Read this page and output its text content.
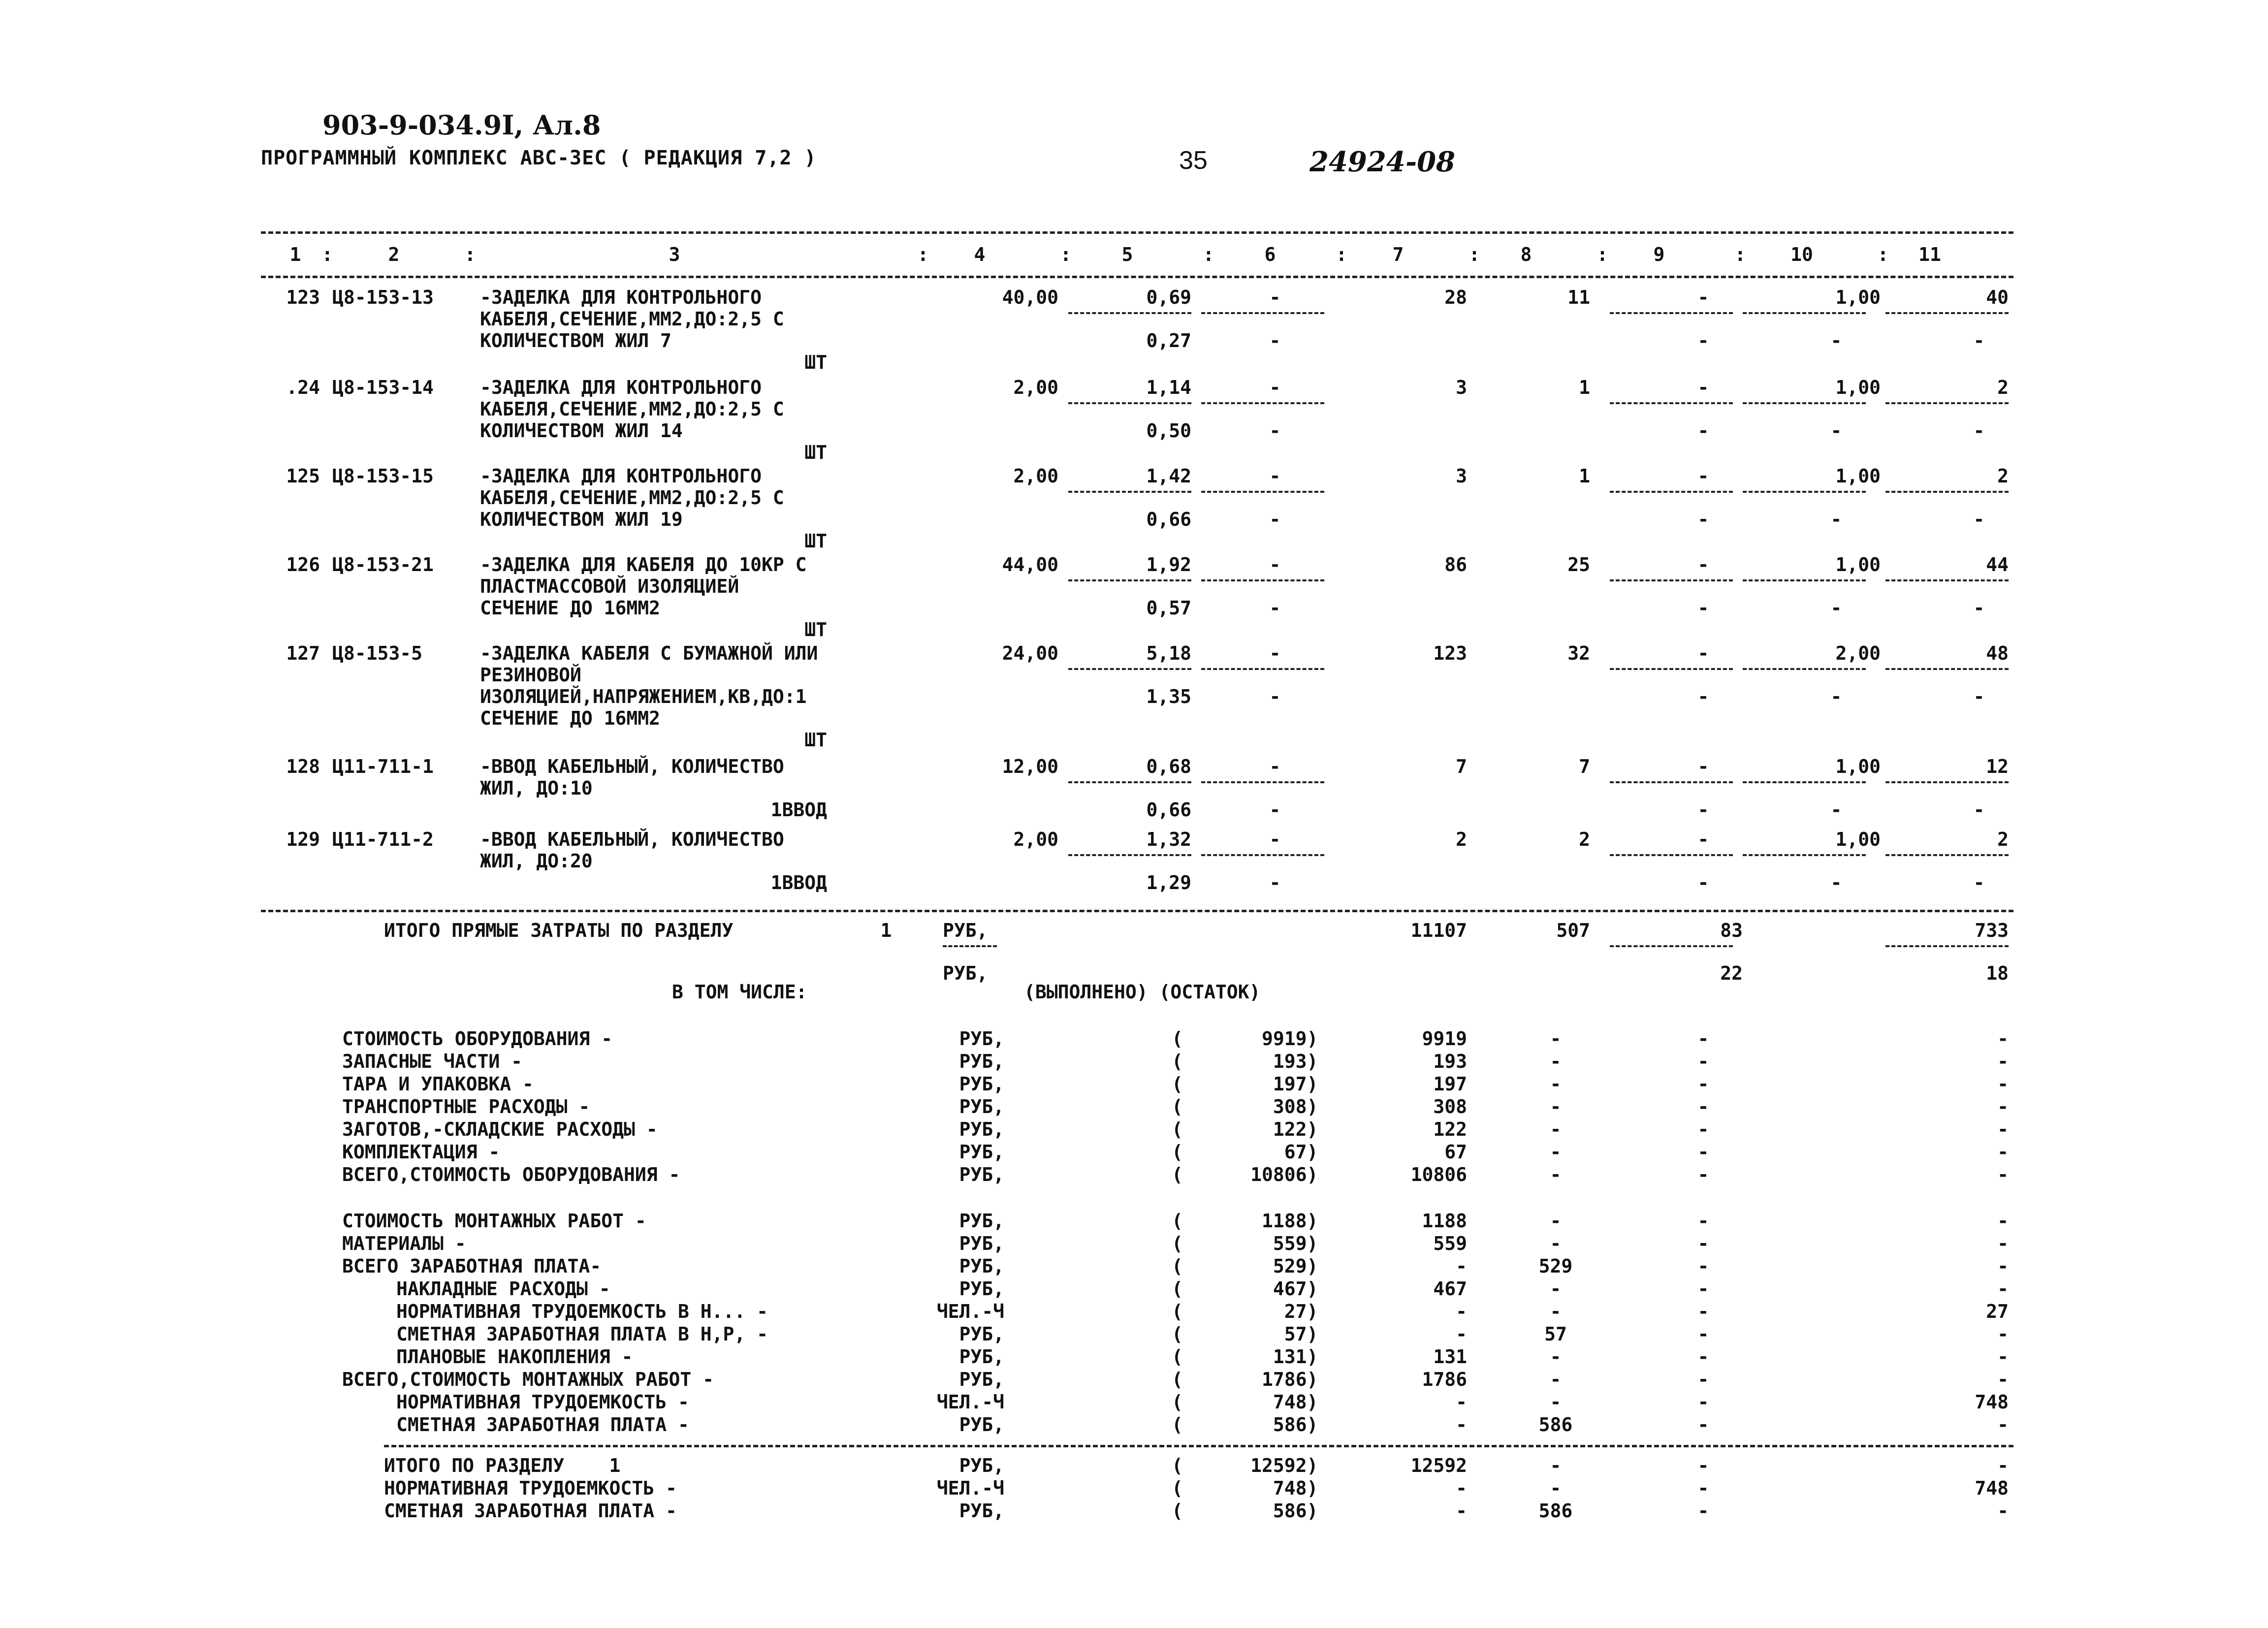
903-9-034.9I, Ал.8
ПРОГРАММНЫЙ КОМПЛЕКС АВС-ЗЕС ( РЕДАКЦИЯ 7,2 )	35	24924-08
1	2	3	4	5	6	7	8	9	10	11
:	:	:	:	:	:	:	:	:	:
123 Ц8-153-13	-ЗАДЕЛКА ДЛЯ КОНТРОЛЬНОГО
КАБЕЛЯ,СЕЧЕНИЕ,ММ2,ДО:2,5 С
КОЛИЧЕСТВОМ ЖИЛ 7
ШТ
40,00	0,69	-	28	11	-	1,00	40
0,27	-	-	-	-
.24 Ц8-153-14	-ЗАДЕЛКА ДЛЯ КОНТРОЛЬНОГО
КАБЕЛЯ,СЕЧЕНИЕ,ММ2,ДО:2,5 С
КОЛИЧЕСТВОМ ЖИЛ 14
ШТ
2,00	1,14	-	3	1	-	1,00	2
0,50	-	-	-	-
125 Ц8-153-15	-ЗАДЕЛКА ДЛЯ КОНТРОЛЬНОГО
КАБЕЛЯ,СЕЧЕНИЕ,ММ2,ДО:2,5 С
КОЛИЧЕСТВОМ ЖИЛ 19
ШТ
2,00	1,42	-	3	1	-	1,00	2
0,66	-	-	-	-
126 Ц8-153-21	-ЗАДЕЛКА ДЛЯ КАБЕЛЯ ДО 10КР С
ПЛАСТМАССОВОЙ ИЗОЛЯЦИЕЙ
СЕЧЕНИЕ ДО 16ММ2
ШТ
44,00	1,92	-	86	25	-	1,00	44
0,57	-	-	-	-
127 Ц8-153-5	-ЗАДЕЛКА КАБЕЛЯ С БУМАЖНОЙ ИЛИ
РЕЗИНОВОЙ
ИЗОЛЯЦИЕЙ,НАПРЯЖЕНИЕМ,КВ,ДО:1
СЕЧЕНИЕ ДО 16ММ2
ШТ
24,00	5,18	-	123	32	-	2,00	48
1,35	-	-	-	-
128 Ц11-711-1	-ВВОД КАБЕЛЬНЫЙ, КОЛИЧЕСТВО
ЖИЛ, ДО:10
1ВВОД
12,00	0,68	-	7	7	-	1,00	12
0,66	-	-	-	-
129 Ц11-711-2	-ВВОД КАБЕЛЬНЫЙ, КОЛИЧЕСТВО
ЖИЛ, ДО:20
1ВВОД
2,00	1,32	-	2	2	-	1,00	2
1,29	-	-	-	-
ИТОГО ПРЯМЫЕ ЗАТРАТЫ ПО РАЗДЕЛУ	1	РУБ,	11107	507	83	733
РУБ,	22	18
В ТОМ ЧИСЛЕ:	(ВЫПОЛНЕНО) (ОСТАТОК)
СТОИМОСТЬ ОБОРУДОВАНИЯ -	РУБ,	(       9919)	9919	-	-	-
ЗАПАСНЫЕ ЧАСТИ -	РУБ,	(        193)	193	-	-	-
ТАРА И УПАКОВКА -	РУБ,	(        197)	197	-	-	-
ТРАНСПОРТНЫЕ РАСХОДЫ -	РУБ,	(        308)	308	-	-	-
ЗАГОТОВ,-СКЛАДСКИЕ РАСХОДЫ -	РУБ,	(        122)	122	-	-	-
КОМПЛЕКТАЦИЯ -	РУБ,	(         67)	67	-	-	-
ВСЕГО,СТОИМОСТЬ ОБОРУДОВАНИЯ -	РУБ,	(      10806)	10806	-	-	-
СТОИМОСТЬ МОНТАЖНЫХ РАБОТ -	РУБ,	(       1188)	1188	-	-	-
МАТЕРИАЛЫ -	РУБ,	(        559)	559	-	-	-
ВСЕГО ЗАРАБОТНАЯ ПЛАТА-	РУБ,	(        529)	-	529	-	-
НАКЛАДНЫЕ РАСХОДЫ -	РУБ,	(        467)	467	-	-	-
НОРМАТИВНАЯ ТРУДОЕМКОСТЬ В Н... -	ЧЕЛ.-Ч	(         27)	-	-	-	27
СМЕТНАЯ ЗАРАБОТНАЯ ПЛАТА В Н,Р, -	РУБ,	(         57)	-	57	-	-
ПЛАНОВЫЕ НАКОПЛЕНИЯ -	РУБ,	(        131)	131	-	-	-
ВСЕГО,СТОИМОСТЬ МОНТАЖНЫХ РАБОТ -	РУБ,	(       1786)	1786	-	-	-
НОРМАТИВНАЯ ТРУДОЕМКОСТЬ -	ЧЕЛ.-Ч	(        748)	-	-	-	748
СМЕТНАЯ ЗАРАБОТНАЯ ПЛАТА -	РУБ,	(        586)	-	586	-	-
ИТОГО ПО РАЗДЕЛУ    1	РУБ,	(      12592)	12592	-	-	-
НОРМАТИВНАЯ ТРУДОЕМКОСТЬ -	ЧЕЛ.-Ч	(        748)	-	-	-	748
СМЕТНАЯ ЗАРАБОТНАЯ ПЛАТА -	РУБ,	(        586)	-	586	-	-
